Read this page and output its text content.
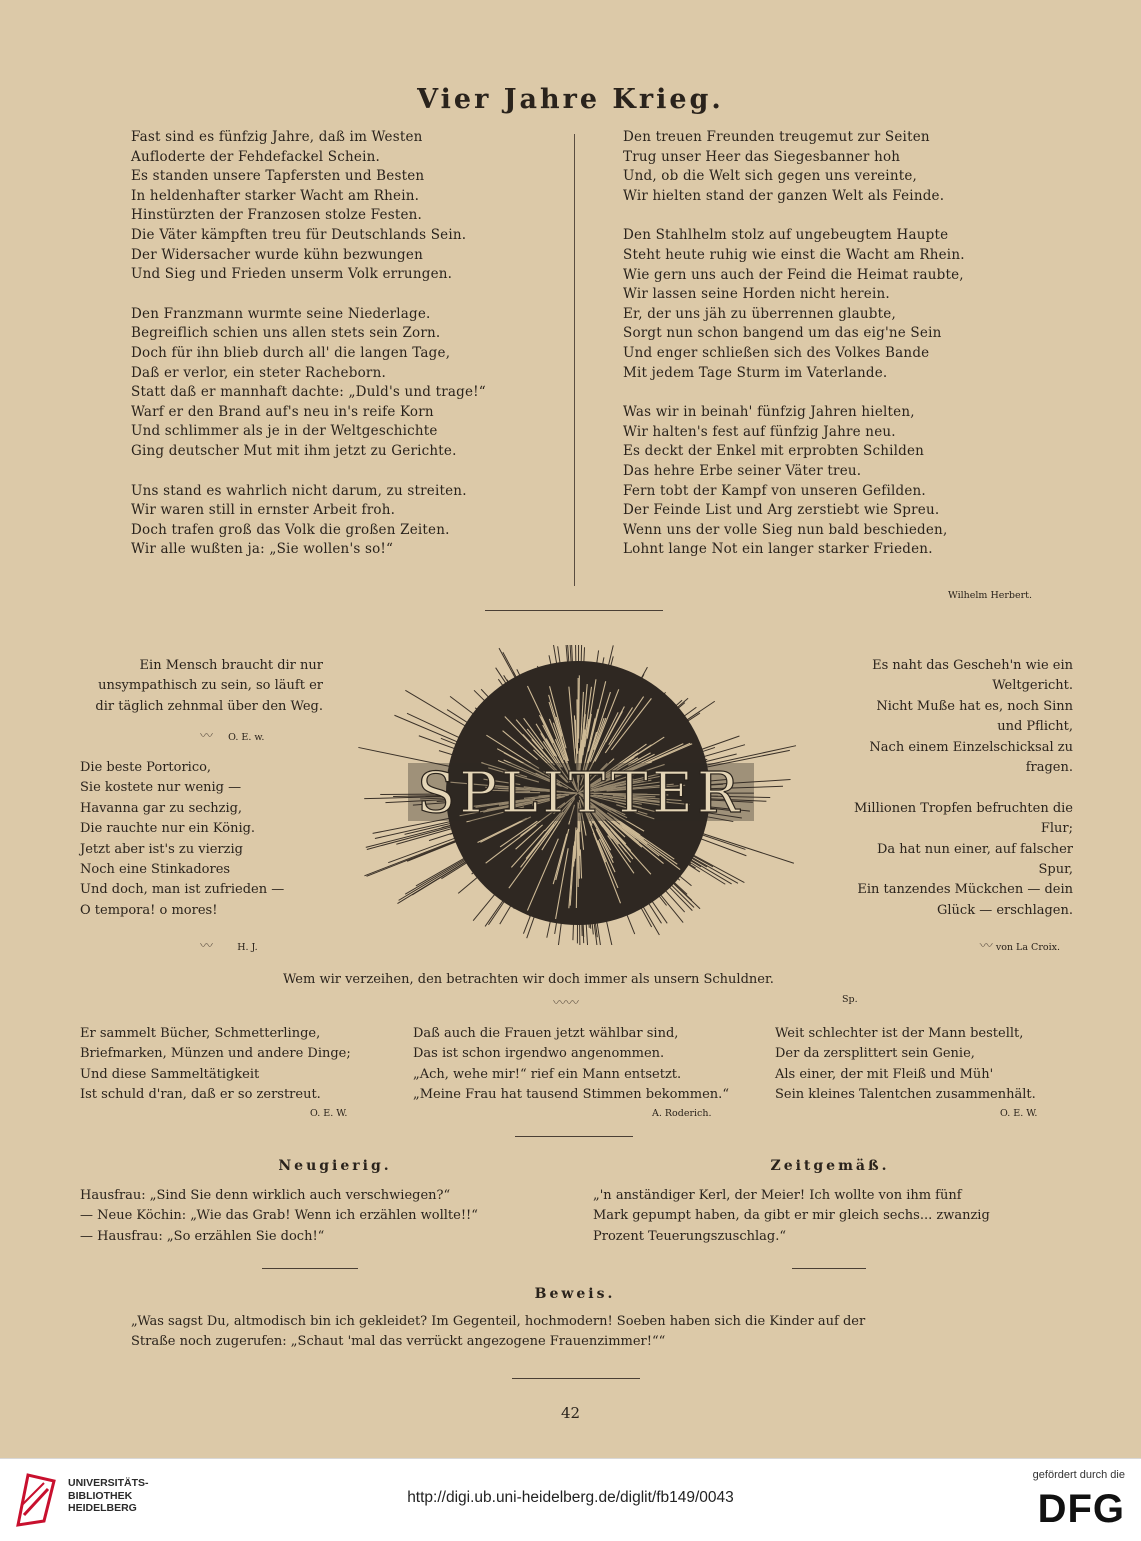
Vier Jahre Krieg.
Fast sind es fünfzig Jahre, daß im Westen
Aufloderte der Fehdefackel Schein.
Es standen unsere Tapfersten und Besten
In heldenhafter starker Wacht am Rhein.
Hinstürzten der Franzosen stolze Festen.
Die Väter kämpften treu für Deutschlands Sein.
Der Widersacher wurde kühn bezwungen
Und Sieg und Frieden unserm Volk errungen.
Den Franzmann wurmte seine Niederlage.
Begreiflich schien uns allen stets sein Zorn.
Doch für ihn blieb durch all' die langen Tage,
Daß er verlor, ein steter Racheborn.
Statt daß er mannhaft dachte: „Duld's und trage!“
Warf er den Brand auf's neu in's reife Korn
Und schlimmer als je in der Weltgeschichte
Ging deutscher Mut mit ihm jetzt zu Gerichte.
Uns stand es wahrlich nicht darum, zu streiten.
Wir waren still in ernster Arbeit froh.
Doch trafen groß das Volk die großen Zeiten.
Wir alle wußten ja: „Sie wollen's so!“
Den treuen Freunden treugemut zur Seiten
Trug unser Heer das Siegesbanner hoh
Und, ob die Welt sich gegen uns vereinte,
Wir hielten stand der ganzen Welt als Feinde.
Den Stahlhelm stolz auf ungebeugtem Haupte
Steht heute ruhig wie einst die Wacht am Rhein.
Wie gern uns auch der Feind die Heimat raubte,
Wir lassen seine Horden nicht herein.
Er, der uns jäh zu überrennen glaubte,
Sorgt nun schon bangend um das eig'ne Sein
Und enger schließen sich des Volkes Bande
Mit jedem Tage Sturm im Vaterlande.
Was wir in beinah' fünfzig Jahren hielten,
Wir halten's fest auf fünfzig Jahre neu.
Es deckt der Enkel mit erprobten Schilden
Das hehre Erbe seiner Väter treu.
Fern tobt der Kampf von unseren Gefilden.
Der Feinde List und Arg zerstiebt wie Spreu.
Wenn uns der volle Sieg nun bald beschieden,
Lohnt lange Not ein langer starker Frieden.
Wilhelm Herbert.
SPLITTER
Ein Mensch braucht dir nur
unsympathisch zu sein, so läuft er
dir täglich zehnmal über den Weg.
〰 O. E. w.
Die beste Portorico,
Sie kostete nur wenig —
Havanna gar zu sechzig,
Die rauchte nur ein König.
Jetzt aber ist's zu vierzig
Noch eine Stinkadores
Und doch, man ist zufrieden —
O tempora! o mores!
〰	H. J.
Es naht das Gescheh'n wie ein
Weltgericht.
Nicht Muße hat es, noch Sinn
und Pflicht,
Nach einem Einzelschicksal zu
fragen.

Millionen Tropfen befruchten die
Flur;
Da hat nun einer, auf falscher
Spur,
Ein tanzendes Mückchen — dein
Glück — erschlagen.
〰 von La Croix.
Wem wir verzeihen, den betrachten wir doch immer als unsern Schuldner.
〰〰	Sp.
Er sammelt Bücher, Schmetterlinge,
Briefmarken, Münzen und andere Dinge;
Und diese Sammeltätigkeit
Ist schuld d'ran, daß er so zerstreut.
O. E. W.
Daß auch die Frauen jetzt wählbar sind,
Das ist schon irgendwo angenommen.
„Ach, wehe mir!“ rief ein Mann entsetzt.
„Meine Frau hat tausend Stimmen bekommen.“
A. Roderich.
Weit schlechter ist der Mann bestellt,
Der da zersplittert sein Genie,
Als einer, der mit Fleiß und Müh'
Sein kleines Talentchen zusammenhält.
O. E. W.
Neugierig.
Hausfrau: „Sind Sie denn wirklich auch verschwiegen?“
— Neue Köchin: „Wie das Grab! Wenn ich erzählen wollte!!“
— Hausfrau: „So erzählen Sie doch!“
Zeitgemäß.
„'n anständiger Kerl, der Meier! Ich wollte von ihm fünf
Mark gepumpt haben, da gibt er mir gleich sechs... zwanzig
Prozent Teuerungszuschlag.“
Beweis.
„Was sagst Du, altmodisch bin ich gekleidet? Im Gegenteil, hochmodern! Soeben haben sich die Kinder auf der
Straße noch zugerufen: „Schaut 'mal das verrückt angezogene Frauenzimmer!““
42
UNIVERSITÄTS-
BIBLIOTHEK
HEIDELBERG
http://digi.ub.uni-heidelberg.de/diglit/fb149/0043
gefördert durch die
DFG
